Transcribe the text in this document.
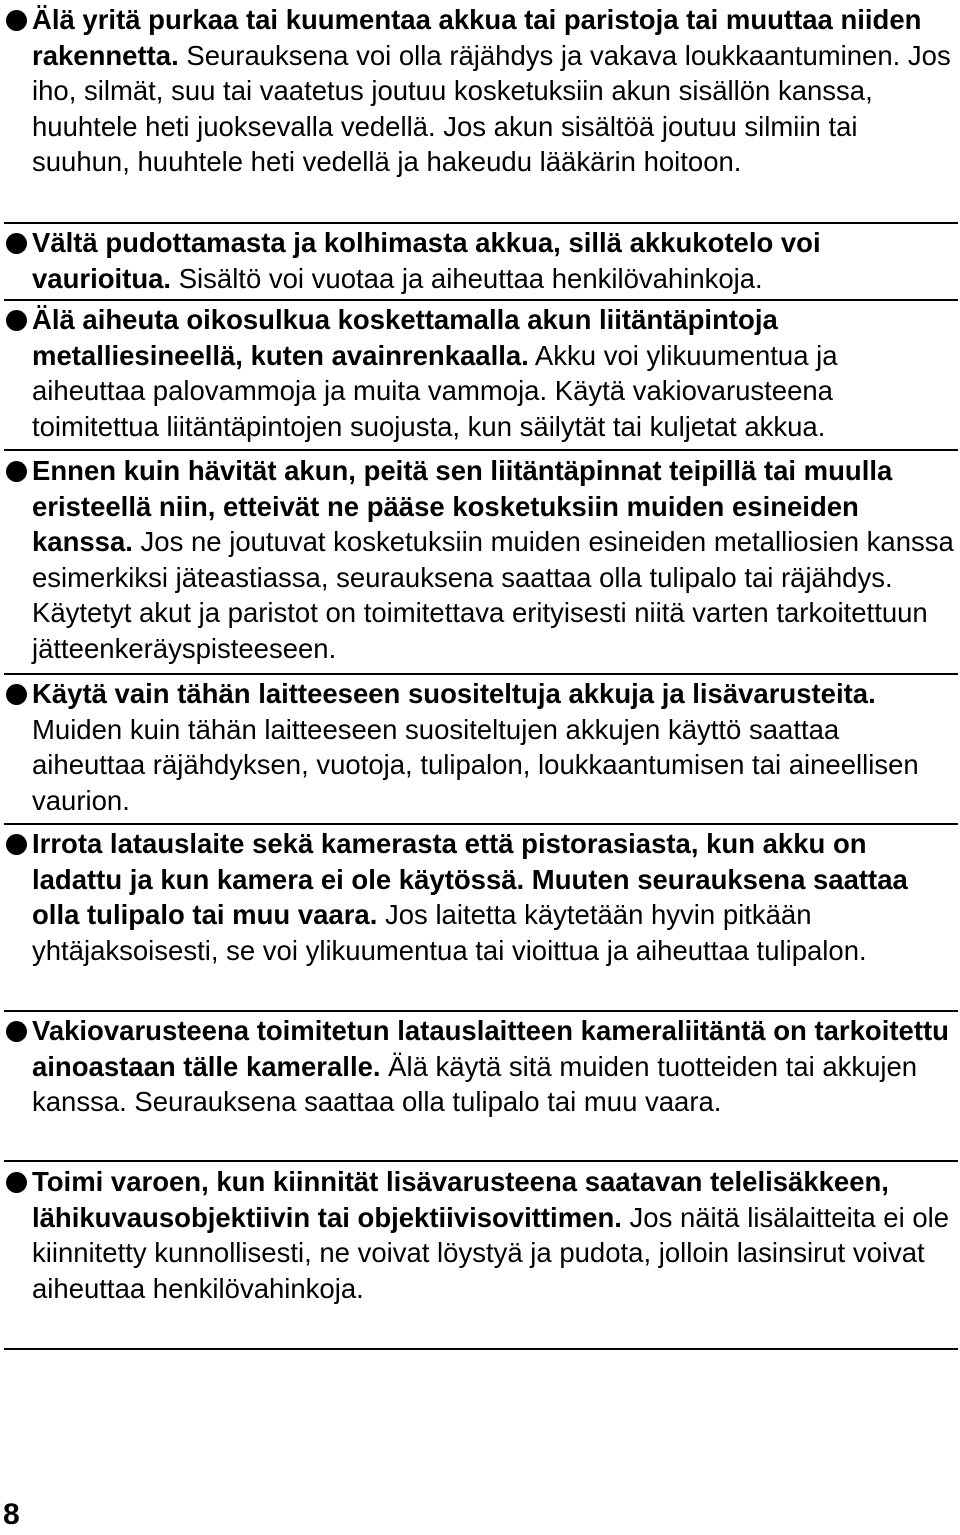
Älä yritä purkaa tai kuumentaa akkua tai paristoja tai muuttaa niiden rakennetta. Seurauksena voi olla räjähdys ja vakava loukkaantuminen. Jos iho, silmät, suu tai vaatetus joutuu kosketuksiin akun sisällön kanssa, huuhtele heti juoksevalla vedellä. Jos akun sisältöä joutuu silmiin tai suuhun, huuhtele heti vedellä ja hakeudu lääkärin hoitoon.
Vältä pudottamasta ja kolhimasta akkua, sillä akkukotelo voi vaurioitua. Sisältö voi vuotaa ja aiheuttaa henkilövahinkoja.
Älä aiheuta oikosulkua koskettamalla akun liitäntäpintoja metalliesineellä, kuten avainrenkaalla. Akku voi ylikuumentua ja aiheuttaa palovammoja ja muita vammoja. Käytä vakiovarusteena toimitettua liitäntäpintojen suojusta, kun säilytät tai kuljetat akkua.
Ennen kuin hävität akun, peitä sen liitäntäpinnat teipillä tai muulla eristeellä niin, etteivät ne pääse kosketuksiin muiden esineiden kanssa. Jos ne joutuvat kosketuksiin muiden esineiden metalliosien kanssa esimerkiksi jäteastiassa, seurauksena saattaa olla tulipalo tai räjähdys. Käytetyt akut ja paristot on toimitettava erityisesti niitä varten tarkoitettuun jätteenkeräyspisteeseen.
Käytä vain tähän laitteeseen suositeltuja akkuja ja lisävarusteita. Muiden kuin tähän laitteeseen suositeltujen akkujen käyttö saattaa aiheuttaa räjähdyksen, vuotoja, tulipalon, loukkaantumisen tai aineellisen vaurion.
Irrota latauslaite sekä kamerasta että pistorasiasta, kun akku on ladattu ja kun kamera ei ole käytössä. Muuten seurauksena saattaa olla tulipalo tai muu vaara. Jos laitetta käytetään hyvin pitkään yhtäjaksoisesti, se voi ylikuumentua tai vioittua ja aiheuttaa tulipalon.
Vakiovarusteena toimitetun latauslaitteen kameraliitäntä on tarkoitettu ainoastaan tälle kameralle. Älä käytä sitä muiden tuotteiden tai akkujen kanssa. Seurauksena saattaa olla tulipalo tai muu vaara.
Toimi varoen, kun kiinnität lisävarusteena saatavan telelisäkkeen, lähikuvausobjektiivin tai objektiivisovittimen. Jos näitä lisälaitteita ei ole kiinnitetty kunnollisesti, ne voivat löystyä ja pudota, jolloin lasinsirut voivat aiheuttaa henkilövahinkoja.
8
